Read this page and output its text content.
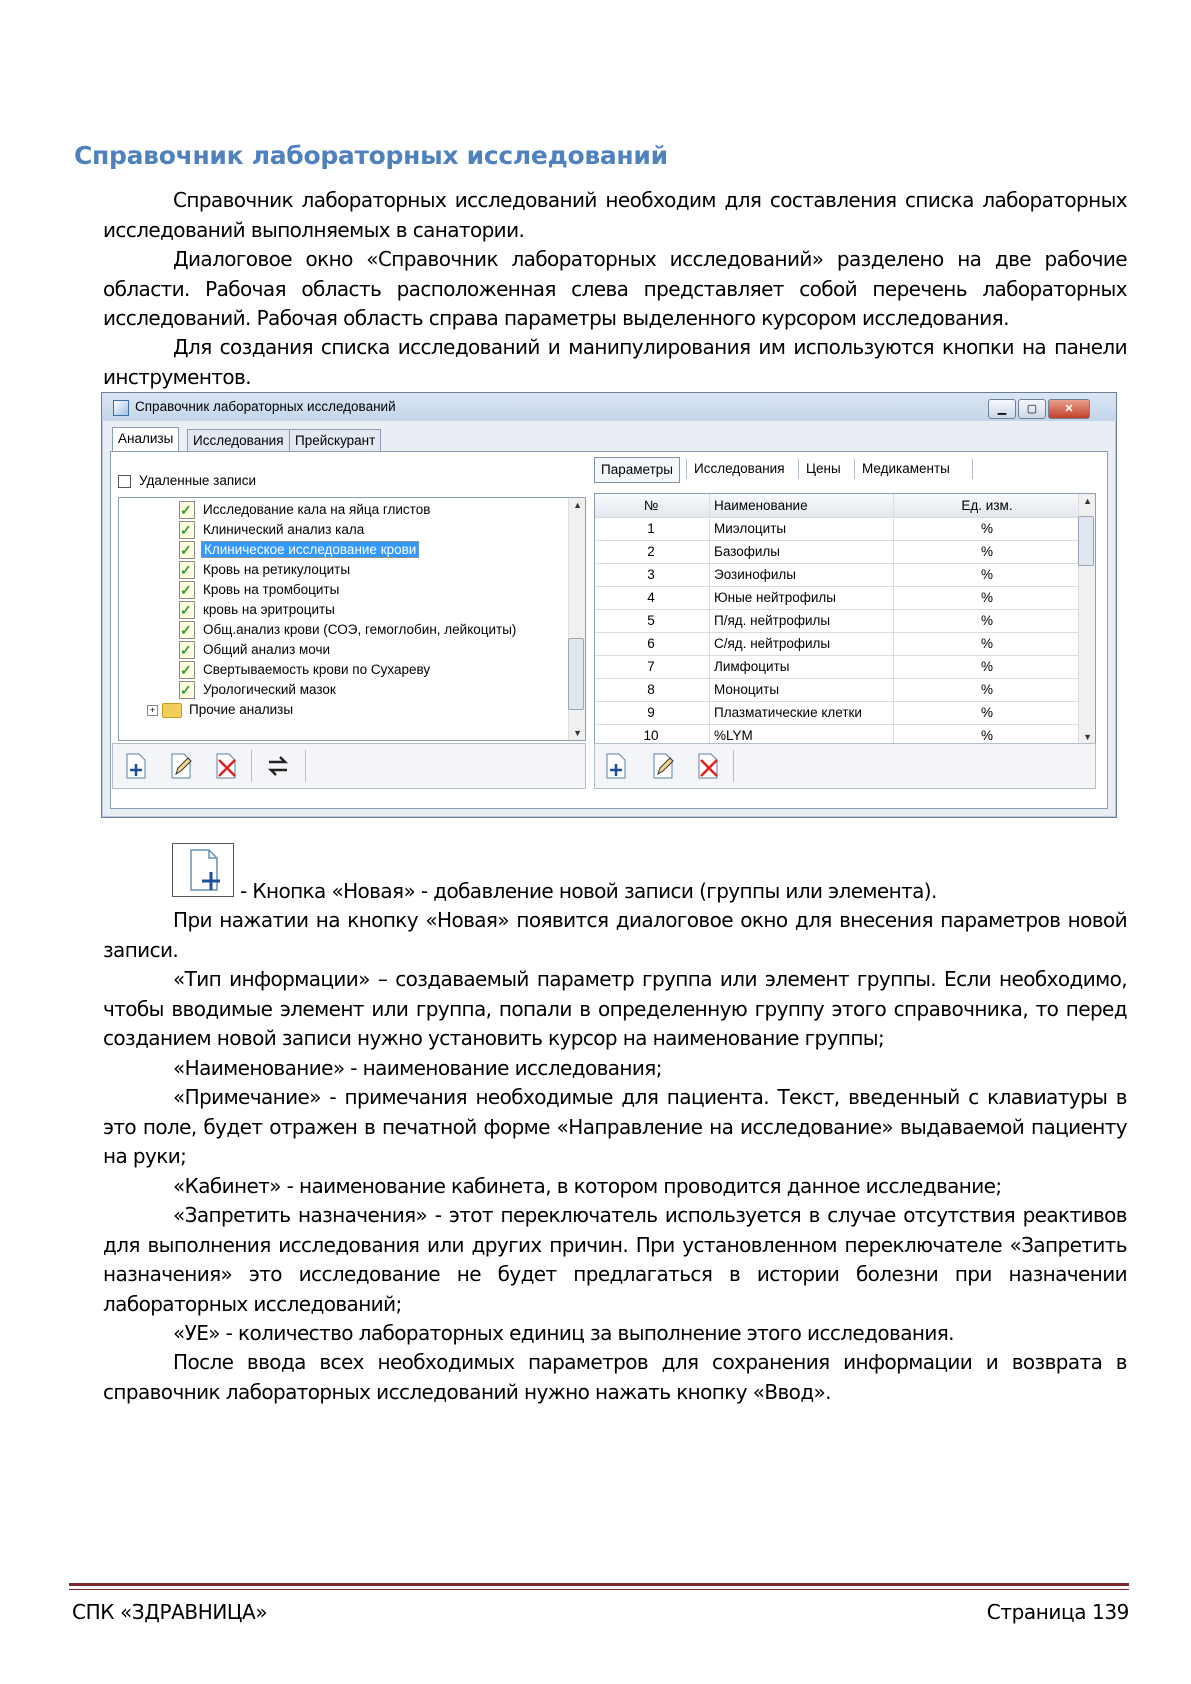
Справочник лабораторных исследований
Справочник лабораторных исследований необходим для составления списка лабораторных исследований выполняемых в санатории.
Диалоговое окно «Справочник лабораторных исследований» разделено на две рабочие области. Рабочая область расположенная слева представляет собой перечень лабораторных исследований. Рабочая область справа параметры выделенного курсором исследования.
Для создания списка исследований и манипулирования им используются кнопки на панели инструментов.
Справочник лабораторных исследований	▁	▢	✕
Анализы	Исследования Прейскурант
Удаленные записи
✓Исследование кала на яйца глистов
✓Клинический анализ кала
✓Клиническое исследование крови
✓Кровь на ретикулоциты
✓Кровь на тромбоциты
✓кровь на эритроциты
✓Общ.анализ крови (СОЭ, гемоглобин, лейкоциты)
✓Общий анализ мочи
✓Свертываемость крови по Сухареву
✓Урологический мазок
+	Прочие анализы
▲
▼
Параметры	Исследования	Цены	Медикаменты
№	Наименование	Ед. изм.
1	Миэлоциты	%
2	Базофилы	%
3	Эозинофилы	%
4	Юные нейтрофилы	%
5	П/яд. нейтрофилы	%
6	С/яд. нейтрофилы	%
7	Лимфоциты	%
8	Моноциты	%
9	Плазматические клетки	%
10	%LYM	%
▲
▼
- Кнопка «Новая» - добавление новой записи (группы или элемента).
При нажатии на кнопку «Новая» появится диалоговое окно для внесения параметров новой записи.
«Тип информации» – создаваемый параметр группа или элемент группы. Если необходимо, чтобы вводимые элемент или группа, попали в определенную группу этого справочника, то перед созданием новой записи нужно установить курсор на наименование группы;
«Наименование» - наименование исследования;
«Примечание» - примечания необходимые для пациента. Текст, введенный с клавиатуры в это поле, будет отражен в печатной форме «Направление на исследование» выдаваемой пациенту на руки;
«Кабинет» - наименование кабинета, в котором проводится данное исследвание;
«Запретить назначения» - этот переключатель используется в случае отсутствия реактивов для выполнения исследования или других причин. При установленном переключателе «Запретить назначения» это исследование не будет предлагаться в истории болезни при назначении лабораторных исследований;
«УЕ» - количество лабораторных единиц за выполнение этого исследования.
После ввода всех необходимых параметров для сохранения информации и возврата в справочник лабораторных исследований нужно нажать кнопку «Ввод».
СПК «ЗДРАВНИЦА»	Страница 139
